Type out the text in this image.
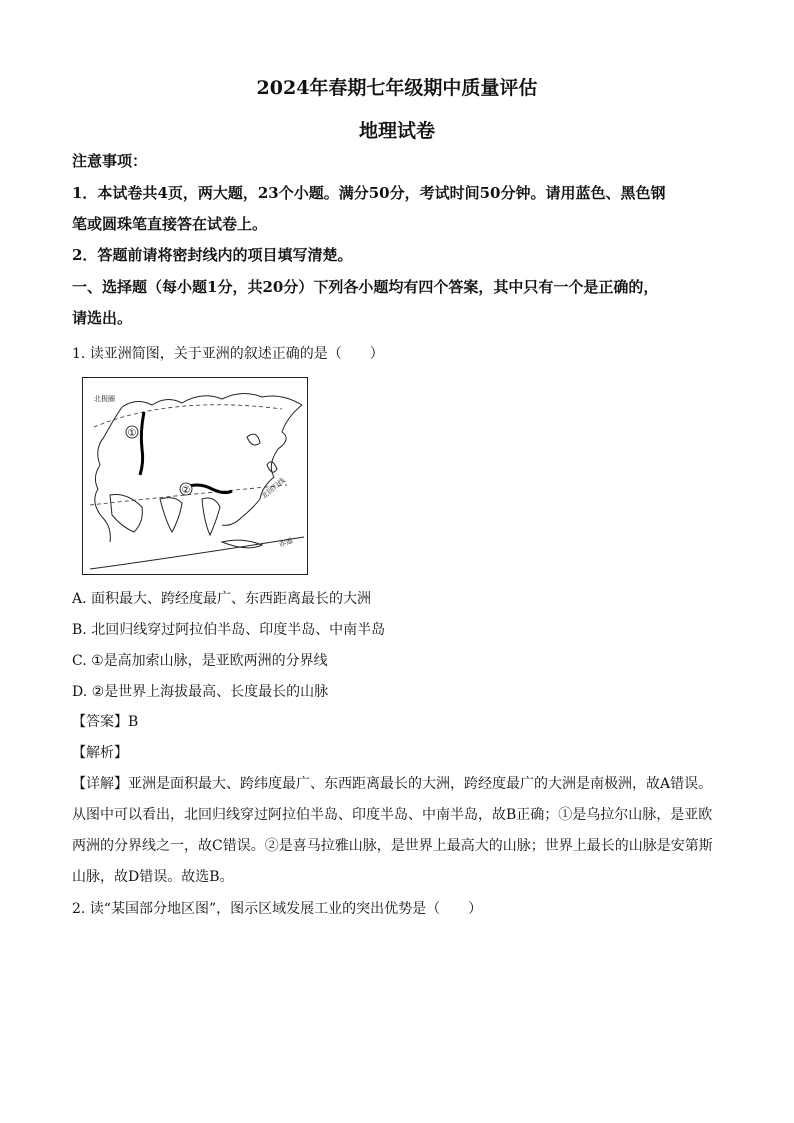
2024年春期七年级期中质量评估
地理试卷
注意事项：
1．本试卷共4页，两大题，23个小题。满分50分，考试时间50分钟。请用蓝色、黑色钢
笔或圆珠笔直接答在试卷上。
2．答题前请将密封线内的项目填写清楚。
一、选择题（每小题1分，共20分）下列各小题均有四个答案，其中只有一个是正确的，
请选出。
1. 读亚洲简图，关于亚洲的叙述正确的是（　　）
①
②
北极圈
北回归线
赤道
A. 面积最大、跨经度最广、东西距离最长的大洲
B. 北回归线穿过阿拉伯半岛、印度半岛、中南半岛
C. ①是高加索山脉，是亚欧两洲的分界线
D. ②是世界上海拔最高、长度最长的山脉
【答案】B
【解析】
【详解】亚洲是面积最大、跨纬度最广、东西距离最长的大洲，跨经度最广的大洲是南极洲，故A错误。
从图中可以看出，北回归线穿过阿拉伯半岛、印度半岛、中南半岛，故B正确；①是乌拉尔山脉，是亚欧
两洲的分界线之一，故C错误。②是喜马拉雅山脉，是世界上最高大的山脉；世界上最长的山脉是安第斯
山脉，故D错误。故选B。
2. 读“某国部分地区图”，图示区域发展工业的突出优势是（　　）
